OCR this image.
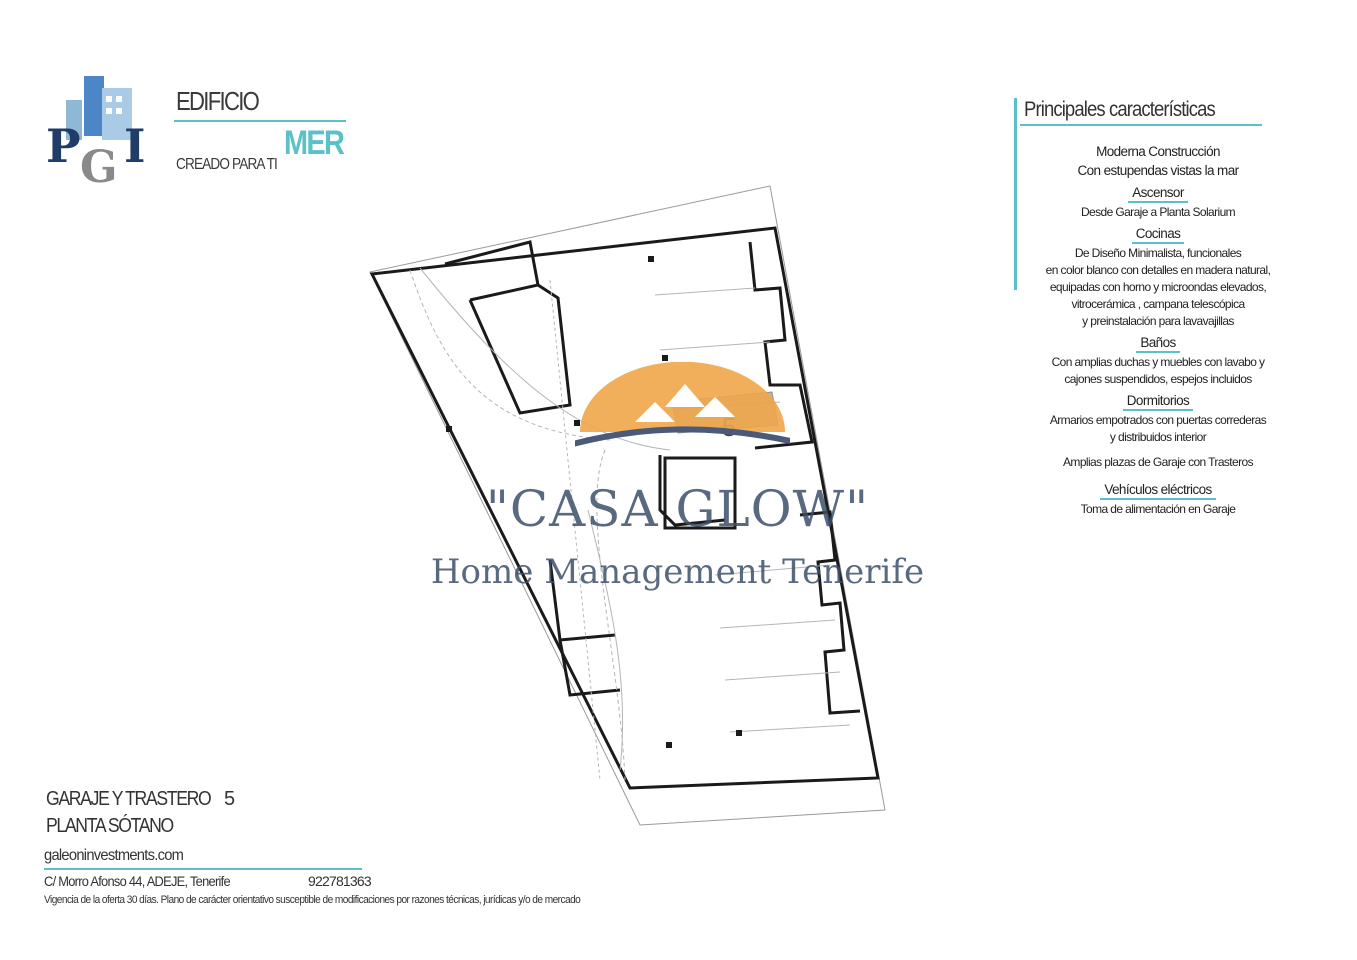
P G I
PGI
EDIFICIO
MER
CREADO PARA TI
Principales características
Moderna Construcción
Con estupendas vistas la mar
Ascensor
Desde Garaje a Planta Solarium
Cocinas
De Diseño Minimalista, funcionales
en color blanco con detalles en madera natural,
equipadas con horno y microondas elevados,
vitrocerámica , campana telescópica
y preinstalación para lavavajillas
Baños
Con amplias duchas y muebles con lavabo y
cajones suspendidos, espejos incluidos
Dormitorios
Armarios empotrados con puertas correderas
y distribuidos interior
Amplias plazas de Garaje con Trasteros
Vehículos eléctricos
Toma de alimentación en Garaje
"CASA GLOW"
Home Management Tenerife
GARAJE Y TRASTERO 5
PLANTA SÓTANO
galeoninvestments.com
C/ Morro Afonso 44, ADEJE, Tenerife	922781363
Vigencia de la oferta 30 días. Plano de carácter orientativo susceptible de modificaciones por razones técnicas, jurídicas y/o de mercado
